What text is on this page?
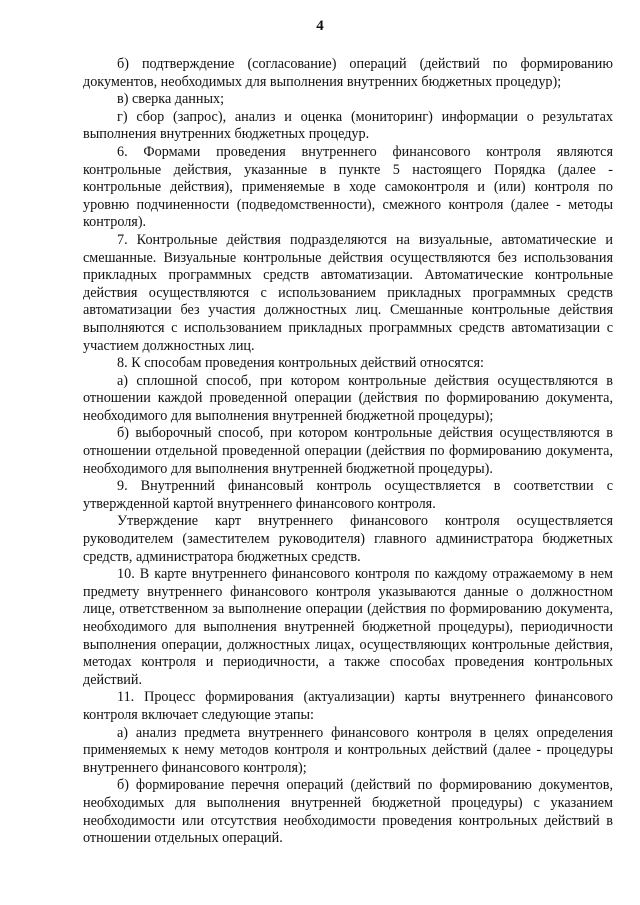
4

б) подтверждение (согласование) операций (действий по формированию документов, необходимых для выполнения внутренних бюджетных процедур);

в) сверка данных;

г) сбор (запрос), анализ и оценка (мониторинг) информации о результатах выполнения внутренних бюджетных процедур.

6. Формами проведения внутреннего финансового контроля являются контрольные действия, указанные в пункте 5 настоящего Порядка (далее - контрольные действия), применяемые в ходе самоконтроля и (или) контроля по уровню подчиненности (подведомственности), смежного контроля (далее - методы контроля).

7. Контрольные действия подразделяются на визуальные, автоматические и смешанные. Визуальные контрольные действия осуществляются без использования прикладных программных средств автоматизации. Автоматические контрольные действия осуществляются с использованием прикладных программных средств автоматизации без участия должностных лиц. Смешанные контрольные действия выполняются с использованием прикладных программных средств автоматизации с участием должностных лиц.

8. К способам проведения контрольных действий относятся:

а) сплошной способ, при котором контрольные действия осуществляются в отношении каждой проведенной операции (действия по формированию документа, необходимого для выполнения внутренней бюджетной процедуры);

б) выборочный способ, при котором контрольные действия осуществляются в отношении отдельной проведенной операции (действия по формированию документа, необходимого для выполнения внутренней бюджетной процедуры).

9. Внутренний финансовый контроль осуществляется в соответствии с утвержденной картой внутреннего финансового контроля.

Утверждение карт внутреннего финансового контроля осуществляется руководителем (заместителем руководителя) главного администратора бюджетных средств, администратора бюджетных средств.

10. В карте внутреннего финансового контроля по каждому отражаемому в нем предмету внутреннего финансового контроля указываются данные о должностном лице, ответственном за выполнение операции (действия по формированию документа, необходимого для выполнения внутренней бюджетной процедуры), периодичности выполнения операции, должностных лицах, осуществляющих контрольные действия, методах контроля и периодичности, а также способах проведения контрольных действий.

11. Процесс формирования (актуализации) карты внутреннего финансового контроля включает следующие этапы:

а) анализ предмета внутреннего финансового контроля в целях определения применяемых к нему методов контроля и контрольных действий (далее - процедуры внутреннего финансового контроля);

б) формирование перечня операций (действий по формированию документов, необходимых для выполнения внутренней бюджетной процедуры) с указанием необходимости или отсутствия необходимости проведения контрольных действий в отношении отдельных операций.
